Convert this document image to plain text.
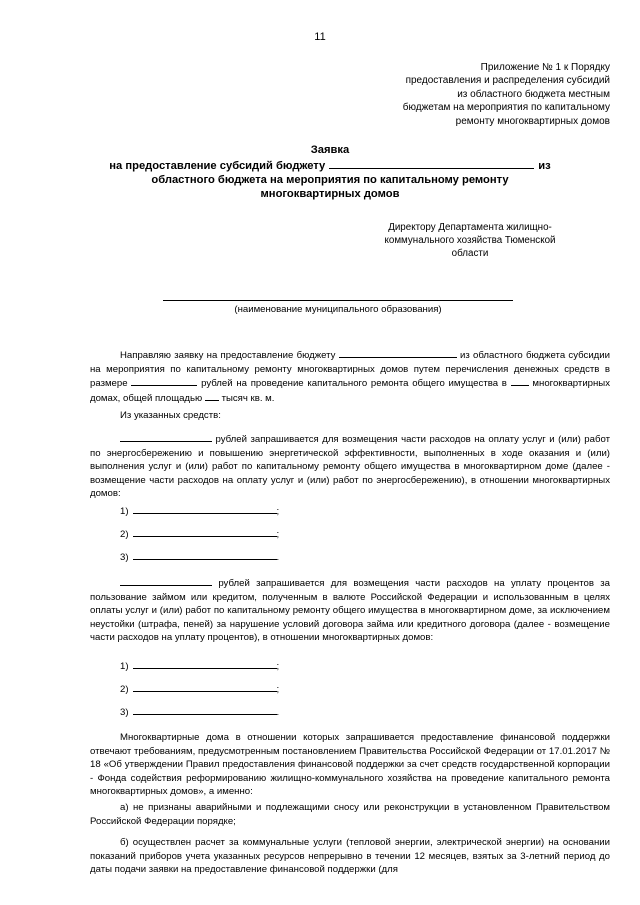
11
Приложение № 1 к Порядку
предоставления и распределения субсидий
из областного бюджета местным
бюджетам на мероприятия по капитальному
ремонту многоквартирных домов
Заявка
на предоставление субсидий бюджету	из
областного бюджета на мероприятия по капитальному ремонту
многоквартирных домов
Директору Департамента жилищно-
коммунального хозяйства Тюменской
области
(наименование муниципального образования)

Направляю заявку на предоставление бюджету	из областного бюджета субсидии на мероприятия по капитальному ремонту многоквартирных домов путем перечисления денежных средств в размере	рублей на проведение капитального ремонта общего имущества в	многоквартирных домах, общей площадью тысяч кв. м.

Из указанных средств:

рублей запрашивается для возмещения части расходов на оплату услуг и (или) работ по энергосбережению и повышению энергетической эффективности, выполненных в ходе оказания и (или) выполнения услуг и (или) работ по капитальному ремонту общего имущества в многоквартирном доме (далее - возмещение части расходов на оплату услуг и (или) работ по энергосбережению), в отношении многоквартирных домов:

1)	;
2)	;
3)	.

рублей запрашивается для возмещения части расходов на уплату процентов за пользование займом или кредитом, полученным в валюте Российской Федерации и использованным в целях оплаты услуг и (или) работ по капитальному ремонту общего имущества в многоквартирном доме, за исключением неустойки (штрафа, пеней) за нарушение условий договора займа или кредитного договора (далее - возмещение части расходов на уплату процентов), в отношении многоквартирных домов:

1)	;
2)	;
3)	.

Многоквартирные дома в отношении которых запрашивается предоставление финансовой поддержки отвечают требованиям, предусмотренным постановлением Правительства Российской Федерации от 17.01.2017 № 18 «Об утверждении Правил предоставления финансовой поддержки за счет средств государственной корпорации - Фонда содействия реформированию жилищно-коммунального хозяйства на проведение капитального ремонта многоквартирных домов», а именно:

а) не признаны аварийными и подлежащими сносу или реконструкции в установленном Правительством Российской Федерации порядке;

б) осуществлен расчет за коммунальные услуги (тепловой энергии, электрической энергии) на основании показаний приборов учета указанных ресурсов непрерывно в течении 12 месяцев, взятых за 3-летний период до даты подачи заявки на предоставление финансовой поддержки (для
